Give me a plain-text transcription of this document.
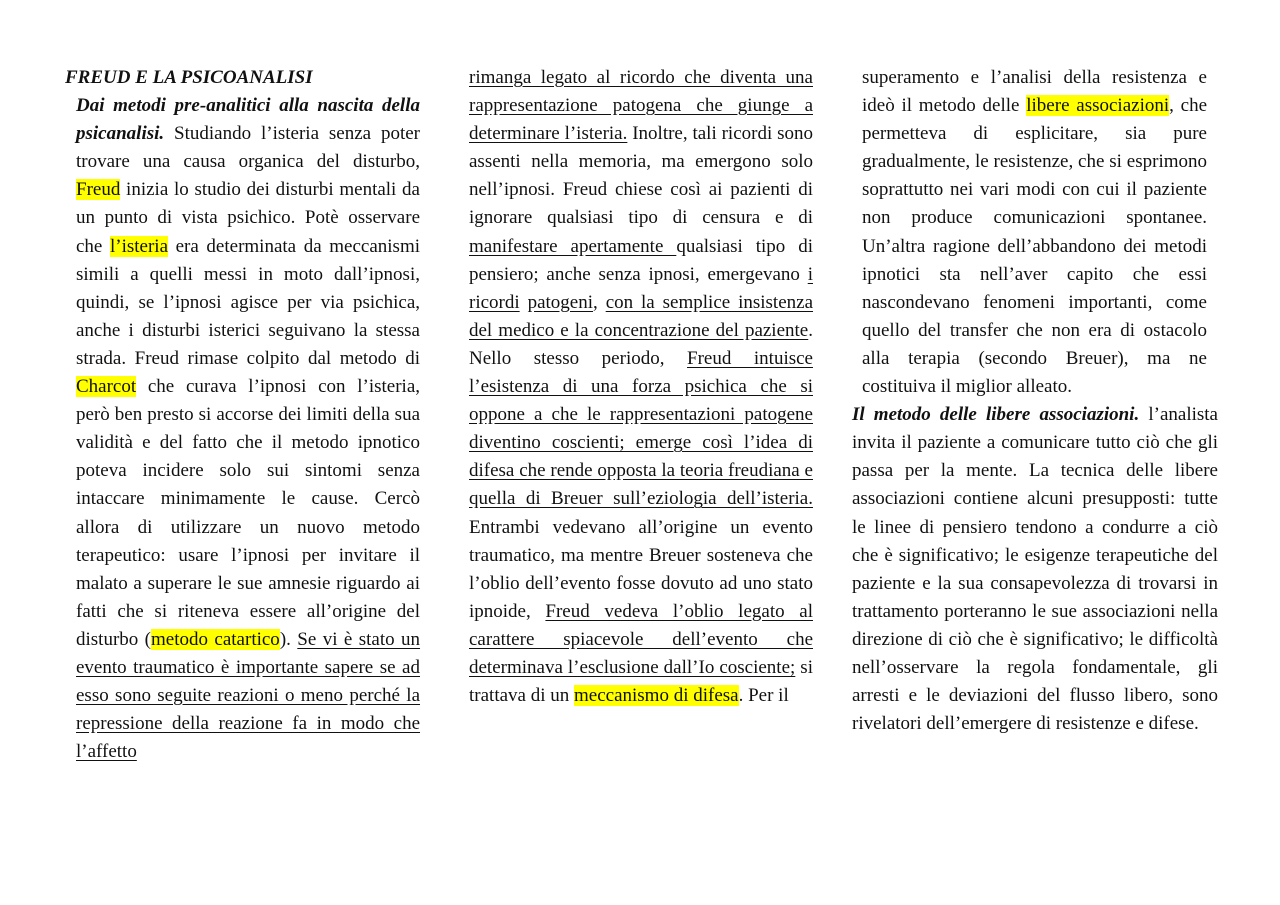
FREUD E LA PSICOANALISI

Dai metodi pre-analitici alla nascita della psicanalisi. Studiando l’isteria senza poter trovare una causa organica del disturbo, Freud inizia lo studio dei disturbi mentali da un punto di vista psichico. Potè osservare che l’isteria era determinata da meccanismi simili a quelli messi in moto dall’ipnosi, quindi, se l’ipnosi agisce per via psichica, anche i disturbi isterici seguivano la stessa strada. Freud rimase colpito dal metodo di Charcot che curava l’ipnosi con l’isteria, però ben presto si accorse dei limiti della sua validità e del fatto che il metodo ipnotico poteva incidere solo sui sintomi senza intaccare minimamente le cause. Cercò allora di utilizzare un nuovo metodo terapeutico: usare l’ipnosi per invitare il malato a superare le sue amnesie riguardo ai fatti che si riteneva essere all’origine del disturbo (metodo catartico). Se vi è stato un evento traumatico è importante sapere se ad esso sono seguite reazioni o meno perché la repressione della reazione fa in modo che l’affetto

rimanga legato al ricordo che diventa una rappresentazione patogena che giunge a determinare l’isteria. Inoltre, tali ricordi sono assenti nella memoria, ma emergono solo nell’ipnosi. Freud chiese così ai pazienti di ignorare qualsiasi tipo di censura e di manifestare apertamente qualsiasi tipo di pensiero; anche senza ipnosi, emergevano i ricordi patogeni, con la semplice insistenza del medico e la concentrazione del paziente. Nello stesso periodo, Freud intuisce l’esistenza di una forza psichica che si oppone a che le rappresentazioni patogene diventino coscienti; emerge così l’idea di difesa che rende opposta la teoria freudiana e quella di Breuer sull’eziologia dell’isteria. Entrambi vedevano all’origine un evento traumatico, ma mentre Breuer sosteneva che l’oblio dell’evento fosse dovuto ad uno stato ipnoide, Freud vedeva l’oblio legato al carattere spiacevole dell’evento che determinava l’esclusione dall’Io cosciente; si trattava di un meccanismo di difesa. Per il

superamento e l’analisi della resistenza e ideò il metodo delle libere associazioni, che permetteva di esplicitare, sia pure gradualmente, le resistenze, che si esprimono soprattutto nei vari modi con cui il paziente non produce comunicazioni spontanee. Un’altra ragione dell’abbandono dei metodi ipnotici sta nell’aver capito che essi nascondevano fenomeni importanti, come quello del transfer che non era di ostacolo alla terapia (secondo Breuer), ma ne costituiva il miglior alleato.

Il metodo delle libere associazioni. l’analista invita il paziente a comunicare tutto ciò che gli passa per la mente. La tecnica delle libere associazioni contiene alcuni presupposti: tutte le linee di pensiero tendono a condurre a ciò che è significativo; le esigenze terapeutiche del paziente e la sua consapevolezza di trovarsi in trattamento porteranno le sue associazioni nella direzione di ciò che è significativo; le difficoltà nell’osservare la regola fondamentale, gli arresti e le deviazioni del flusso libero, sono rivelatori dell’emergere di resistenze e difese.
